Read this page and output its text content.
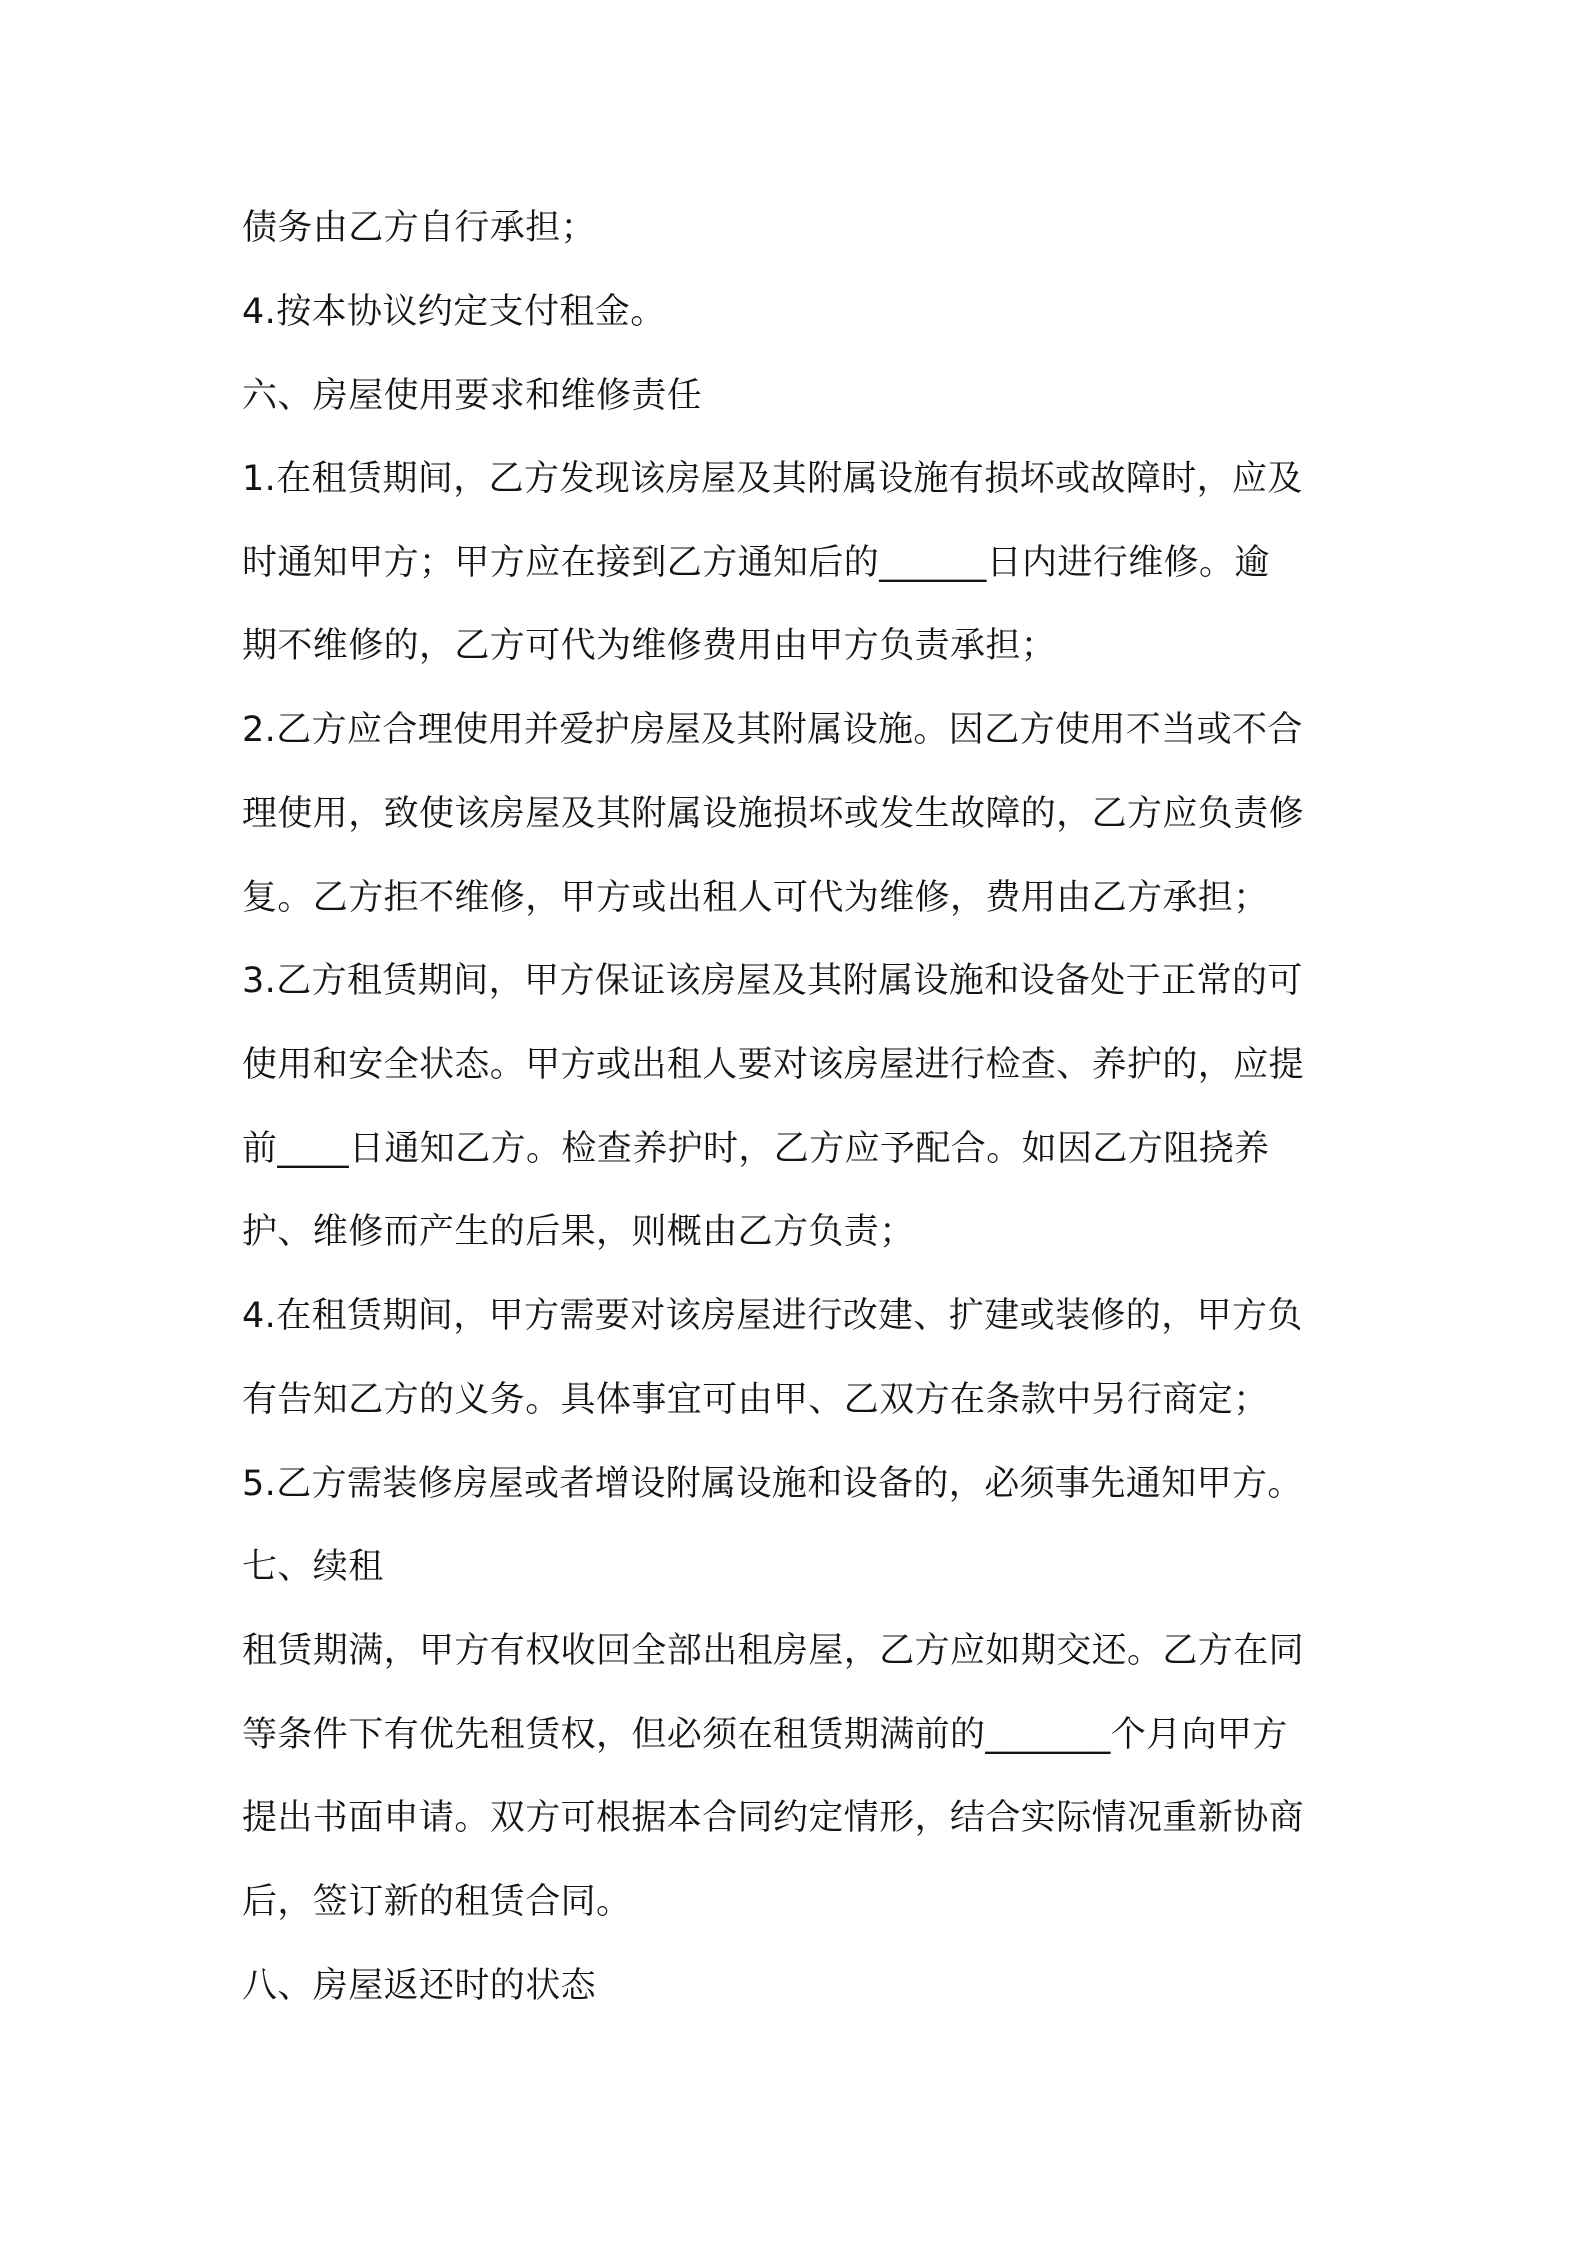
债务由乙方自行承担；
4.按本协议约定支付租金。
六、房屋使用要求和维修责任
1.在租赁期间，乙方发现该房屋及其附属设施有损坏或故障时，应及
时通知甲方；甲方应在接到乙方通知后的______日内进行维修。逾
期不维修的，乙方可代为维修费用由甲方负责承担；
2.乙方应合理使用并爱护房屋及其附属设施。因乙方使用不当或不合
理使用，致使该房屋及其附属设施损坏或发生故障的，乙方应负责修
复。乙方拒不维修，甲方或出租人可代为维修，费用由乙方承担；
3.乙方租赁期间，甲方保证该房屋及其附属设施和设备处于正常的可
使用和安全状态。甲方或出租人要对该房屋进行检查、养护的，应提
前____日通知乙方。检查养护时，乙方应予配合。如因乙方阻挠养
护、维修而产生的后果，则概由乙方负责；
4.在租赁期间，甲方需要对该房屋进行改建、扩建或装修的，甲方负
有告知乙方的义务。具体事宜可由甲、乙双方在条款中另行商定；
5.乙方需装修房屋或者增设附属设施和设备的，必须事先通知甲方。
七、续租
租赁期满，甲方有权收回全部出租房屋，乙方应如期交还。乙方在同
等条件下有优先租赁权，但必须在租赁期满前的_______个月向甲方
提出书面申请。双方可根据本合同约定情形，结合实际情况重新协商
后，签订新的租赁合同。
八、房屋返还时的状态
